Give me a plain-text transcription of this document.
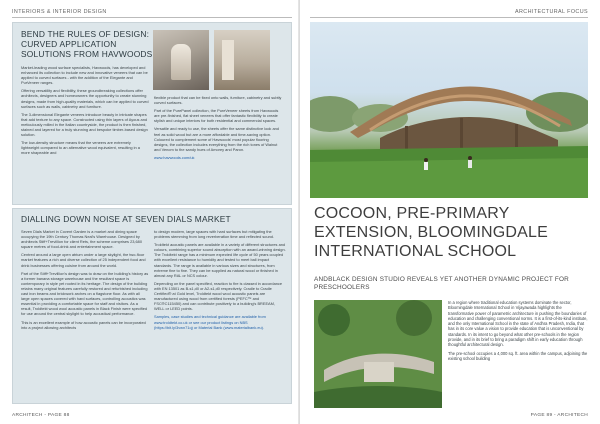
INTERIORS & INTERIOR DESIGN
BEND THE RULES OF DESIGN:
CURVED APPLICATION
SOLUTIONS FROM HAVWOODS

Market-leading wood surface specialists, Havwoods, has developed and enhanced its collection to include new and innovative veneers that can be applied to curved surfaces - with the addition of the Elegante and PurVeneer ranges.

Offering versatility and flexibility, these groundbreaking collections offer architects, designers and homeowners the opportunity to create stunning designs, made from high-quality materials, which can be applied to curved surfaces such as walls, cabinetry and furniture.

The 3-dimensional Elegante veneers introduce beauty in intricate shapes that add texture to any space. Constructed using thin layers of Ayous and meticulously milled in the Italian countryside, the product is then finished, stained and layered for a truly stunning and bespoke timber-based design solution.

The low-density structure means that the veneers are extremely lightweight compared to an alternative wood equivalent, resulting in a more shapeable and

flexible product that can be fixed onto walls, furniture, cabinetry and subtly curved surfaces.

Part of the PurePanel collection, the PureVeneer sheets from Havwoods are pre-finished, flat sheet veneers that offer fantastic flexibility to create stylish and unique interiors for both residential and commercial spaces.

Versatile and ready to use, the sheets offer the same distinctive look and feel as solid wood but are a more affordable and time-saving option. Coloured to complement some of Havwoods' most popular flooring designs, the collection includes everything from the rich tones of Walnut and Venom to the sandy hues of Amorey and Paron.

www.havwoods.com/uk

DIALLING DOWN NOISE AT SEVEN DIALS MARKET

Seven Dials Market in Covent Garden is a market and dining space occupying the 19th Century Thomas Neal's Warehouse. Designed by architects Stiff+Trevillion for client Rets, the scheme comprises 23,680 square metres of food-drink and entertainment space.

Centred around a large open atrium under a large skylight, the two-floor market features a rich and diverse collection of 25 independent food and drink businesses offering cuisine from around the world.

Part of the Stiff+Trevillion's design was to draw on the building's history as a former banana storage warehouse and the resultant space is contemporary in style yet rooted in its heritage. The design of the building retains many original features carefully restored and refurbished including cast iron beams and brickwork arches on a flagstone floor. As with all large open spaces covered with hard surfaces, controlling acoustics was essential in providing a comfortable space for staff and visitors. As a result, Troldtekt wood wool acoustic panels in Black Finish were specified for use around the central skylight to help acoustical performance.

This is an excellent example of how acoustic panels can be incorporated into a project allowing architects

to design modern, large spaces with hard surfaces but mitigating the problems stemming from long reverberation time and reflected sound.

Troldtekt acoustic panels are available in a variety of different structures and colours, combining superior sound absorption with an award-winning design. The Troldtekt range has a minimum expected life cycle of 50 years coupled with excellent resistance to humidity and tested to meet ball impact standards. The range is available in various sizes and structures, from extreme fine to fine. They can be supplied as natural wood or finished in almost any RAL or NCS colour.

Depending on the panel specified, reaction to fire is classed in accordance with EN 13501 as B-s1,d0 or A2-s1,d0 respectively. Cradle to Cradle Certified® at Gold level, Troldtekt wood wool acoustic panels are manufactured using wood from certified forests (PEFC™ and FSC®C115450) and can contribute positively to a building's BREEAM, WELL or LEED points.

Samples, case studies and technical guidance are available from www.troldtekt.co.uk or see our product listings on NBS (https://bit.ly/3vwn71q) or Material Bank (www.materialbank.eu).

ARCHITECH - PAGE 88
ARCHITECTURAL FOCUS
PAGE 89 - ARCHITECH
COCOON, PRE-PRIMARY
EXTENSION, BLOOMINGDALE
INTERNATIONAL SCHOOL
ANDBLACK DESIGN STUDIO REVEALS YET ANOTHER DYNAMIC PROJECT FOR PRESCHOOLERS

In a region where traditional education systems dominate the sector, Bloomingdale International School in Vijayawada highlights the transformative power of parametric architecture in pushing the boundaries of education and challenging conventional norms. It is a first-of-its-kind institute, and the only International School in the state of Andhra Pradesh, India, that has in its core value a vision to provide education that is unconventional by standards. In its intent to go beyond what other pre-schools in the region provide, and in its brief to bring a paradigm shift in early education through thoughtful architectural design.

The pre-school occupies a 4,000 sq. ft. area within the campus, adjoining the existing school building
